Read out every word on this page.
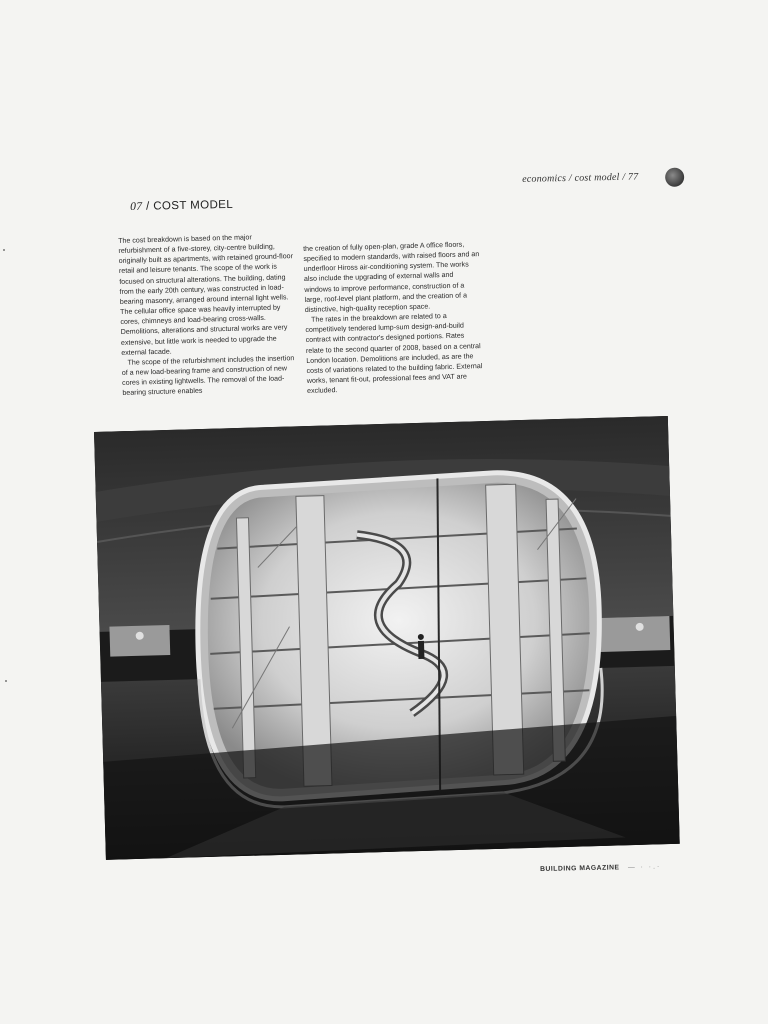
economics / cost model / 77
07 / COST MODEL

The cost breakdown is based on the major refurbishment of a five-storey, city-centre building, originally built as apartments, with retained ground-floor retail and leisure tenants. The scope of the work is focused on structural alterations. The building, dating from the early 20th century, was constructed in load-bearing masonry, arranged around internal light wells. The cellular office space was heavily interrupted by cores, chimneys and load-bearing cross-walls. Demolitions, alterations and structural works are very extensive, but little work is needed to upgrade the external facade.

The scope of the refurbishment includes the insertion of a new load-bearing frame and construction of new cores in existing lightwells. The removal of the load-bearing structure enables

the creation of fully open-plan, grade A office floors, specified to modern standards, with raised floors and an underfloor Hiross air-conditioning system. The works also include the upgrading of external walls and windows to improve performance, construction of a large, roof-level plant platform, and the creation of a distinctive, high-quality reception space.

The rates in the breakdown are related to a competitively tendered lump-sum design-and-build contract with contractor's designed portions. Rates relate to the second quarter of 2008, based on a central London location. Demolitions are included, as are the costs of variations related to the building fabric. External works, tenant fit-out, professional fees and VAT are excluded.

BUILDING MAGAZINE — · ·.·
